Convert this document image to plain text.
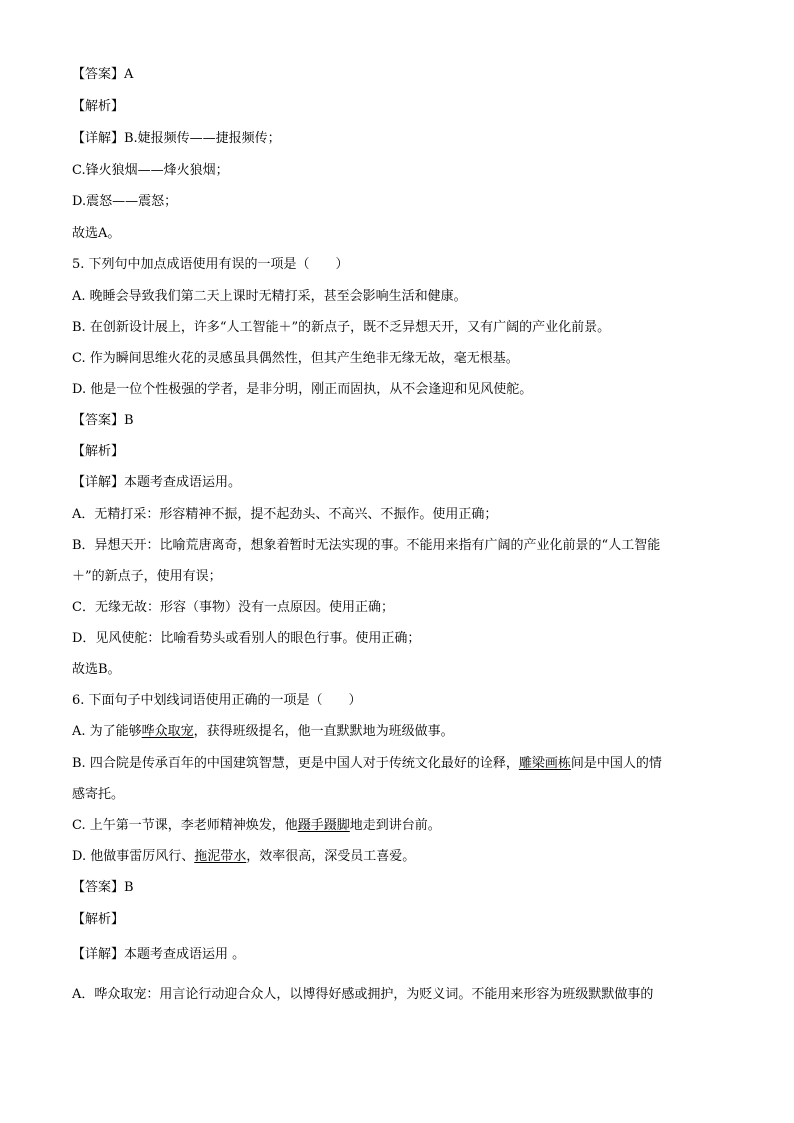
【答案】A
【解析】
【详解】B.婕报频传——捷报频传；
C.锋火狼烟——烽火狼烟；
D.震怒——震怒；
故选A。
5. 下列句中加点成语使用有误的一项是（　　）
A. 晚睡会导致我们第二天上课时无精打采，甚至会影响生活和健康。
B. 在创新设计展上，许多“人工智能＋”的新点子，既不乏异想天开，又有广阔的产业化前景。
C. 作为瞬间思维火花的灵感虽具偶然性，但其产生绝非无缘无故，毫无根基。
D. 他是一位个性极强的学者，是非分明，刚正而固执，从不会逢迎和见风使舵。
【答案】B
【解析】
【详解】本题考查成语运用。
A．无精打采：形容精神不振，提不起劲头、不高兴、不振作。使用正确；
B．异想天开：比喻荒唐离奇，想象着暂时无法实现的事。不能用来指有广阔的产业化前景的“人工智能
＋”的新点子，使用有误；
C．无缘无故：形容（事物）没有一点原因。使用正确；
D．见风使舵：比喻看势头或看别人的眼色行事。使用正确；
故选B。
6. 下面句子中划线词语使用正确的一项是（　　）
A. 为了能够哗众取宠，获得班级提名，他一直默默地为班级做事。
B. 四合院是传承百年的中国建筑智慧，更是中国人对于传统文化最好的诠释，雕梁画栋间是中国人的情
感寄托。
C. 上午第一节课，李老师精神焕发，他蹑手蹑脚地走到讲台前。
D. 他做事雷厉风行、拖泥带水，效率很高，深受员工喜爱。
【答案】B
【解析】
【详解】本题考查成语运用 。
A．哗众取宠：用言论行动迎合众人，以博得好感或拥护，为贬义词。不能用来形容为班级默默做事的
